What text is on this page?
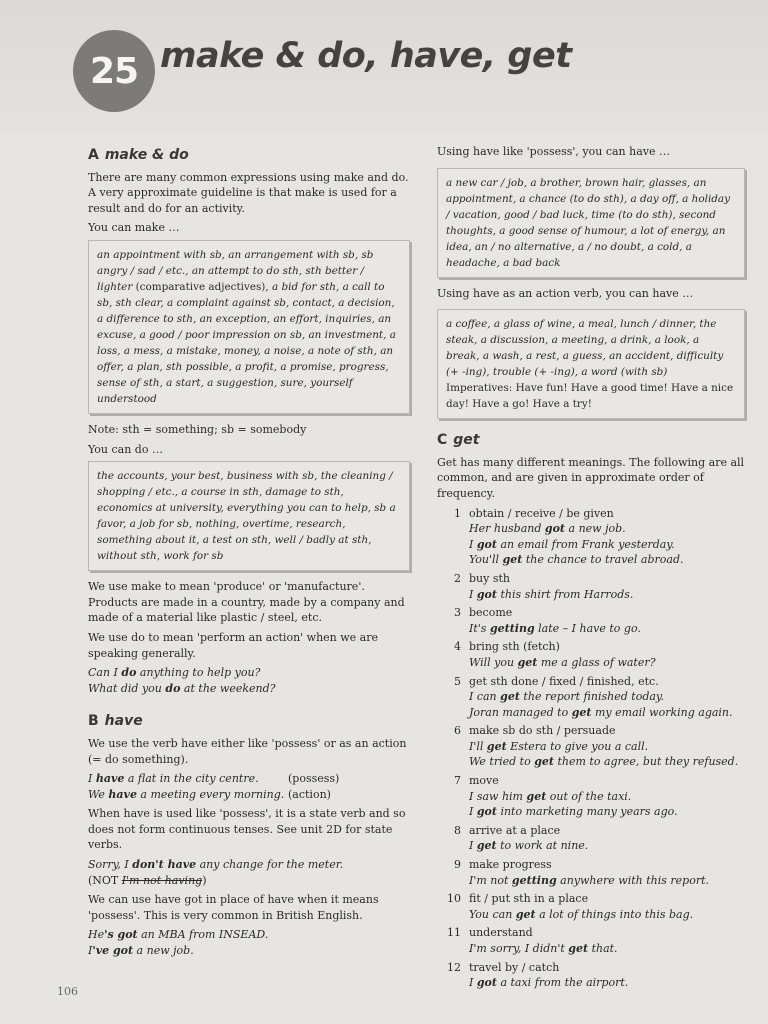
25 make & do, have, get
A make & do

There are many common expressions using make and do. A very approximate guideline is that make is used for a result and do for an activity.

You can make …

an appointment with sb, an arrangement with sb, sb angry / sad / etc., an attempt to do sth, sth better / lighter (comparative adjectives), a bid for sth, a call to sb, sth clear, a complaint against sb, contact, a decision, a difference to sth, an exception, an effort, inquiries, an excuse, a good / poor impression on sb, an investment, a loss, a mess, a mistake, money, a noise, a note of sth, an offer, a plan, sth possible, a profit, a promise, progress, sense of sth, a start, a suggestion, sure, yourself understood

Note: sth = something; sb = somebody

You can do …

the accounts, your best, business with sb, the cleaning / shopping / etc., a course in sth, damage to sth, economics at university, everything you can to help, sb a favor, a job for sb, nothing, overtime, research, something about it, a test on sth, well / badly at sth, without sth, work for sb

We use make to mean 'produce' or 'manufacture'. Products are made in a country, made by a company and made of a material like plastic / steel, etc.

We use do to mean 'perform an action' when we are speaking generally.

Can I do anything to help you?
What did you do at the weekend?
B have

We use the verb have either like 'possess' or as an action (= do something).

I have a flat in the city centre.	(possess)
We have a meeting every morning. (action)

When have is used like 'possess', it is a state verb and so does not form continuous tenses. See unit 2D for state verbs.

Sorry, I don't have any change for the meter.

(NOT I'm not having)

We can use have got in place of have when it means 'possess'. This is very common in British English.

He's got an MBA from INSEAD.
I've got a new job.

Using have like 'possess', you can have …

a new car / job, a brother, brown hair, glasses, an appointment, a chance (to do sth), a day off, a holiday / vacation, good / bad luck, time (to do sth), second thoughts, a good sense of humour, a lot of energy, an idea, an / no alternative, a / no doubt, a cold, a headache, a bad back

Using have as an action verb, you can have …

a coffee, a glass of wine, a meal, lunch / dinner, the steak, a discussion, a meeting, a drink, a look, a break, a wash, a rest, a guess, an accident, difficulty (+ -ing), trouble (+ -ing), a word (with sb)
Imperatives: Have fun! Have a good time! Have a nice day! Have a go! Have a try!
C get

Get has many different meanings. The following are all common, and are given in approximate order of frequency.

1 obtain / receive / be given
Her husband got a new job.
I got an email from Frank yesterday.
You'll get the chance to travel abroad.
2 buy sth
I got this shirt from Harrods.
3 become
It's getting late – I have to go.
4 bring sth (fetch)
Will you get me a glass of water?
5 get sth done / fixed / finished, etc.
I can get the report finished today.
Joran managed to get my email working again.
6 make sb do sth / persuade
I'll get Estera to give you a call.
We tried to get them to agree, but they refused.
7 move
I saw him get out of the taxi.
I got into marketing many years ago.
8 arrive at a place
I get to work at nine.
9 make progress
I'm not getting anywhere with this report.
10 fit / put sth in a place
You can get a lot of things into this bag.
11 understand
I'm sorry, I didn't get that.
12 travel by / catch
I got a taxi from the airport.
106
